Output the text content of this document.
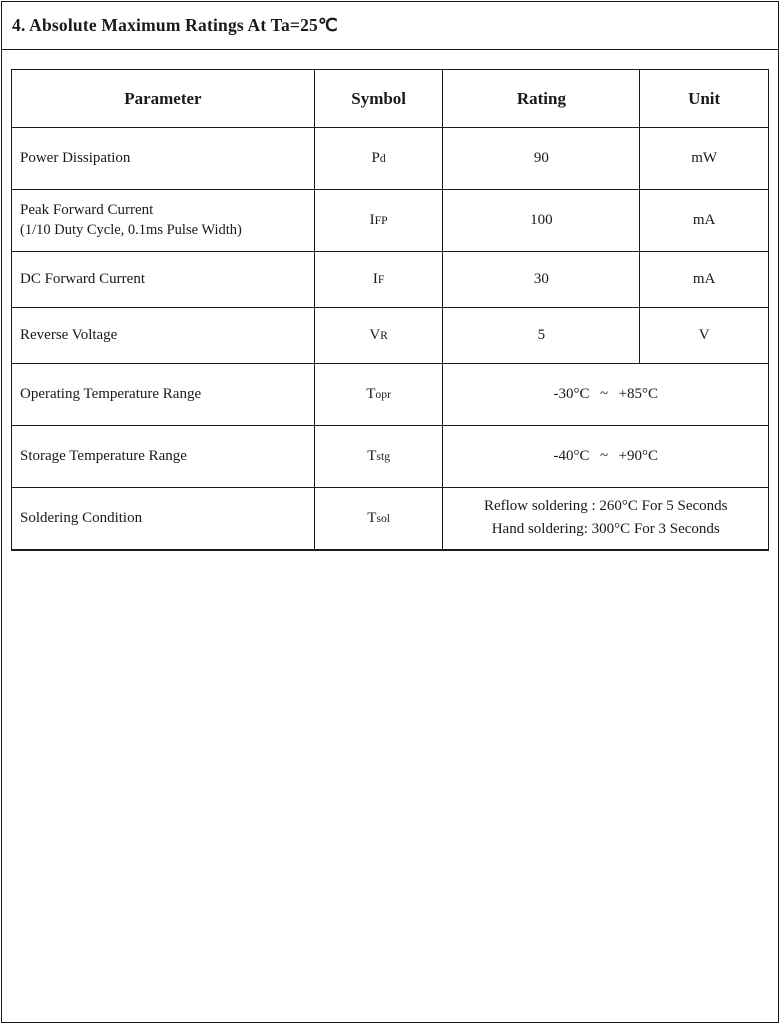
4. Absolute Maximum Ratings At Ta=25℃
Parameter	Symbol	Rating	Unit

Power Dissipation	Pd	90	mW

Peak Forward Current
(1/10 Duty Cycle, 0.1ms Pulse Width)	IFP	100	mA

DC Forward Current	IF	30	mA

Reverse Voltage	VR	5	V

Operating Temperature Range	Topr	-30°C ~ +85°C	

Storage Temperature Range	Tstg	-40°C ~ +90°C	

Soldering Condition	Tsol	Reflow soldering : 260°C For 5 Seconds
Hand soldering: 300°C For 3 Seconds	
